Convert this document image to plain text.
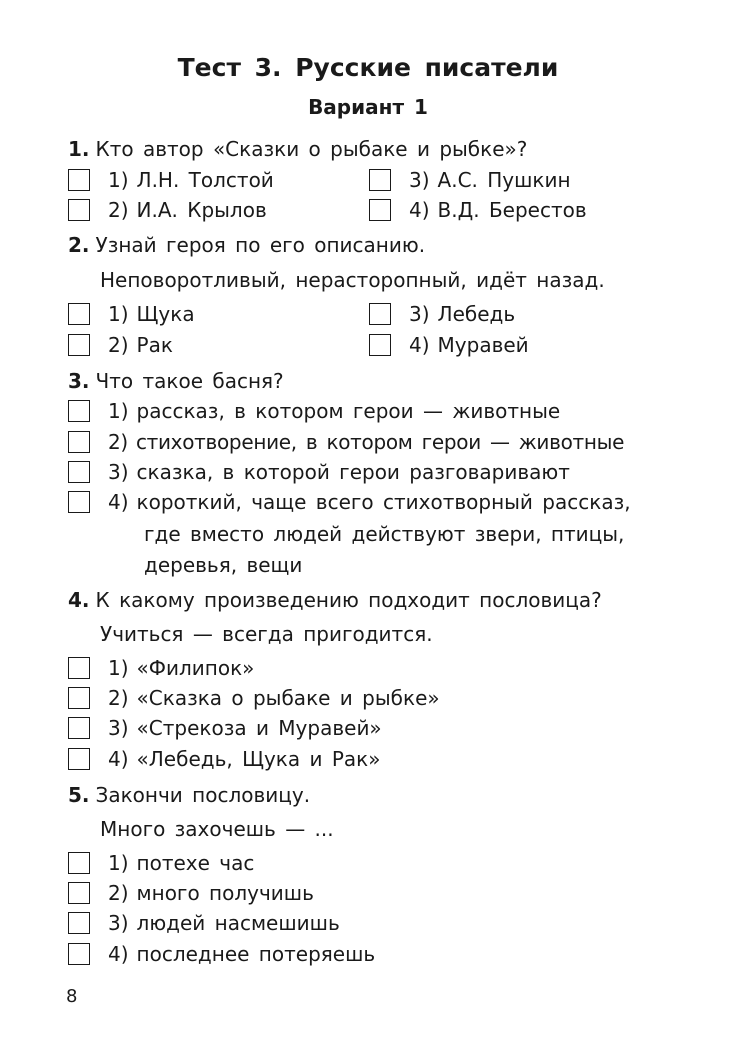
Тест 3. Русские писатели
Вариант 1
1. Кто автор «Сказки о рыбаке и рыбке»?
1) Л.Н. Толстой
2) И.А. Крылов
3) А.С. Пушкин
4) В.Д. Берестов
2. Узнай героя по его описанию.
Неповоротливый, нерасторопный, идёт назад.
1) Щука
2) Рак
3) Лебедь
4) Муравей
3. Что такое басня?
1) рассказ, в котором герои — животные
2) стихотворение, в котором герои — животные
3) сказка, в которой герои разговаривают
4) короткий, чаще всего стихотворный рассказ,
где вместо людей действуют звери, птицы,
деревья, вещи
4. К какому произведению подходит пословица?
Учиться — всегда пригодится.
1) «Филипок»
2) «Сказка о рыбаке и рыбке»
3) «Стрекоза и Муравей»
4) «Лебедь, Щука и Рак»
5. Закончи пословицу.
Много захочешь — ...
1) потехе час
2) много получишь
3) людей насмешишь
4) последнее потеряешь
8
